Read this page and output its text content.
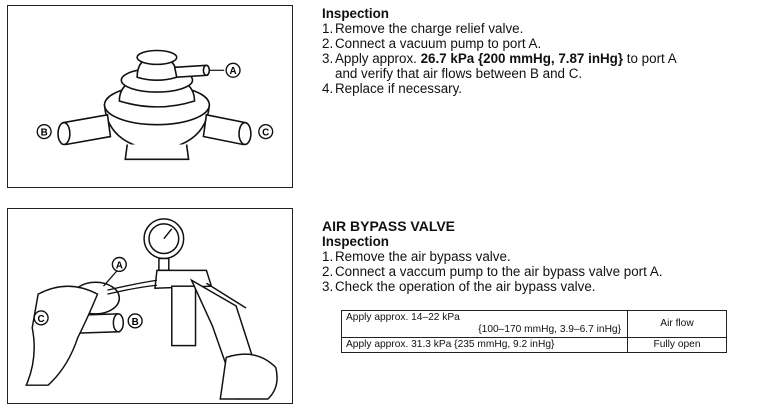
A
B	C
Inspection
1. Remove the charge relief valve.
2. Connect a vacuum pump to port A.
3. Apply approx. 26.7 kPa {200 mmHg, 7.87 inHg} to port A
and verify that air flows between B and C.
4. Replace if necessary.
A
C	B
AIR BYPASS VALVE
Inspection
1. Remove the air bypass valve.
2. Connect a vaccum pump to the air bypass valve port A.
3. Check the operation of the air bypass valve.
Apply approx. 14–22 kPa
{100–170 mmHg, 3.9–6.7 inHg}	Air flow
Apply approx. 31.3 kPa {235 mmHg, 9.2 inHg}	Fully open
